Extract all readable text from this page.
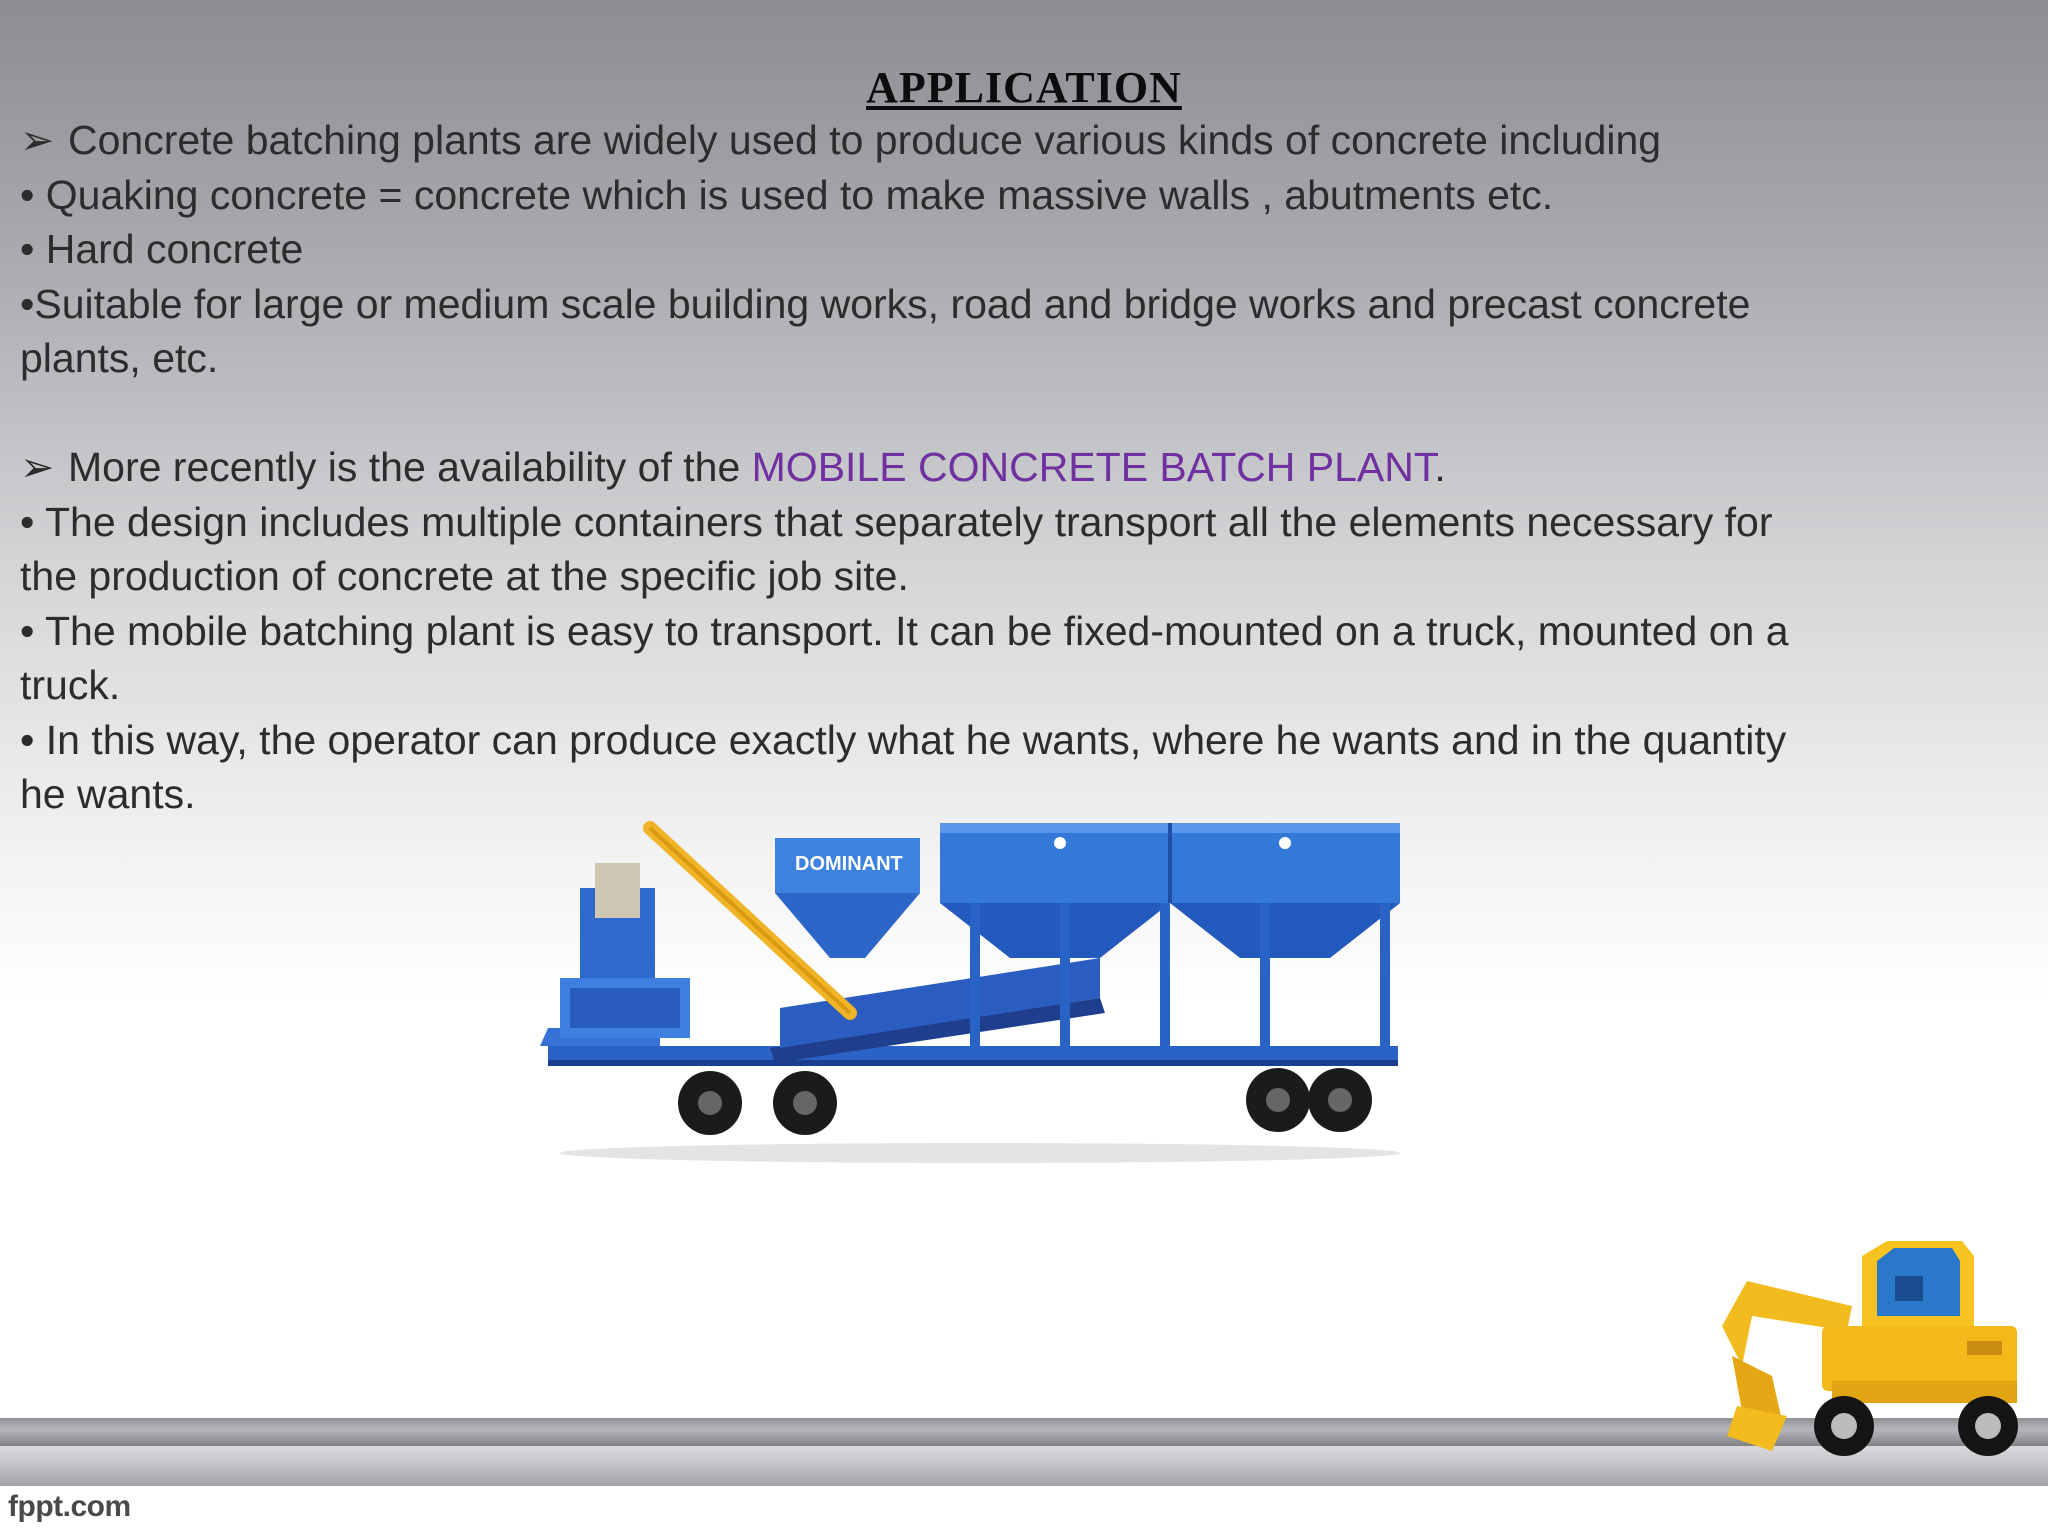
APPLICATION
➢ Concrete batching plants are widely used to produce various kinds of concrete including
• Quaking concrete = concrete which is used to make massive walls , abutments etc.
• Hard concrete
•Suitable for large or medium scale building works, road and bridge works and precast concrete
plants, etc.
➢ More recently is the availability of the MOBILE CONCRETE BATCH PLANT.
• The design includes multiple containers that separately transport all the elements necessary for
the production of concrete at the specific job site.
• The mobile batching plant is easy to transport. It can be fixed-mounted on a truck, mounted on a
truck.
• In this way, the operator can produce exactly what he wants, where he wants and in the quantity
he wants.
DOMINANT
fppt.com
